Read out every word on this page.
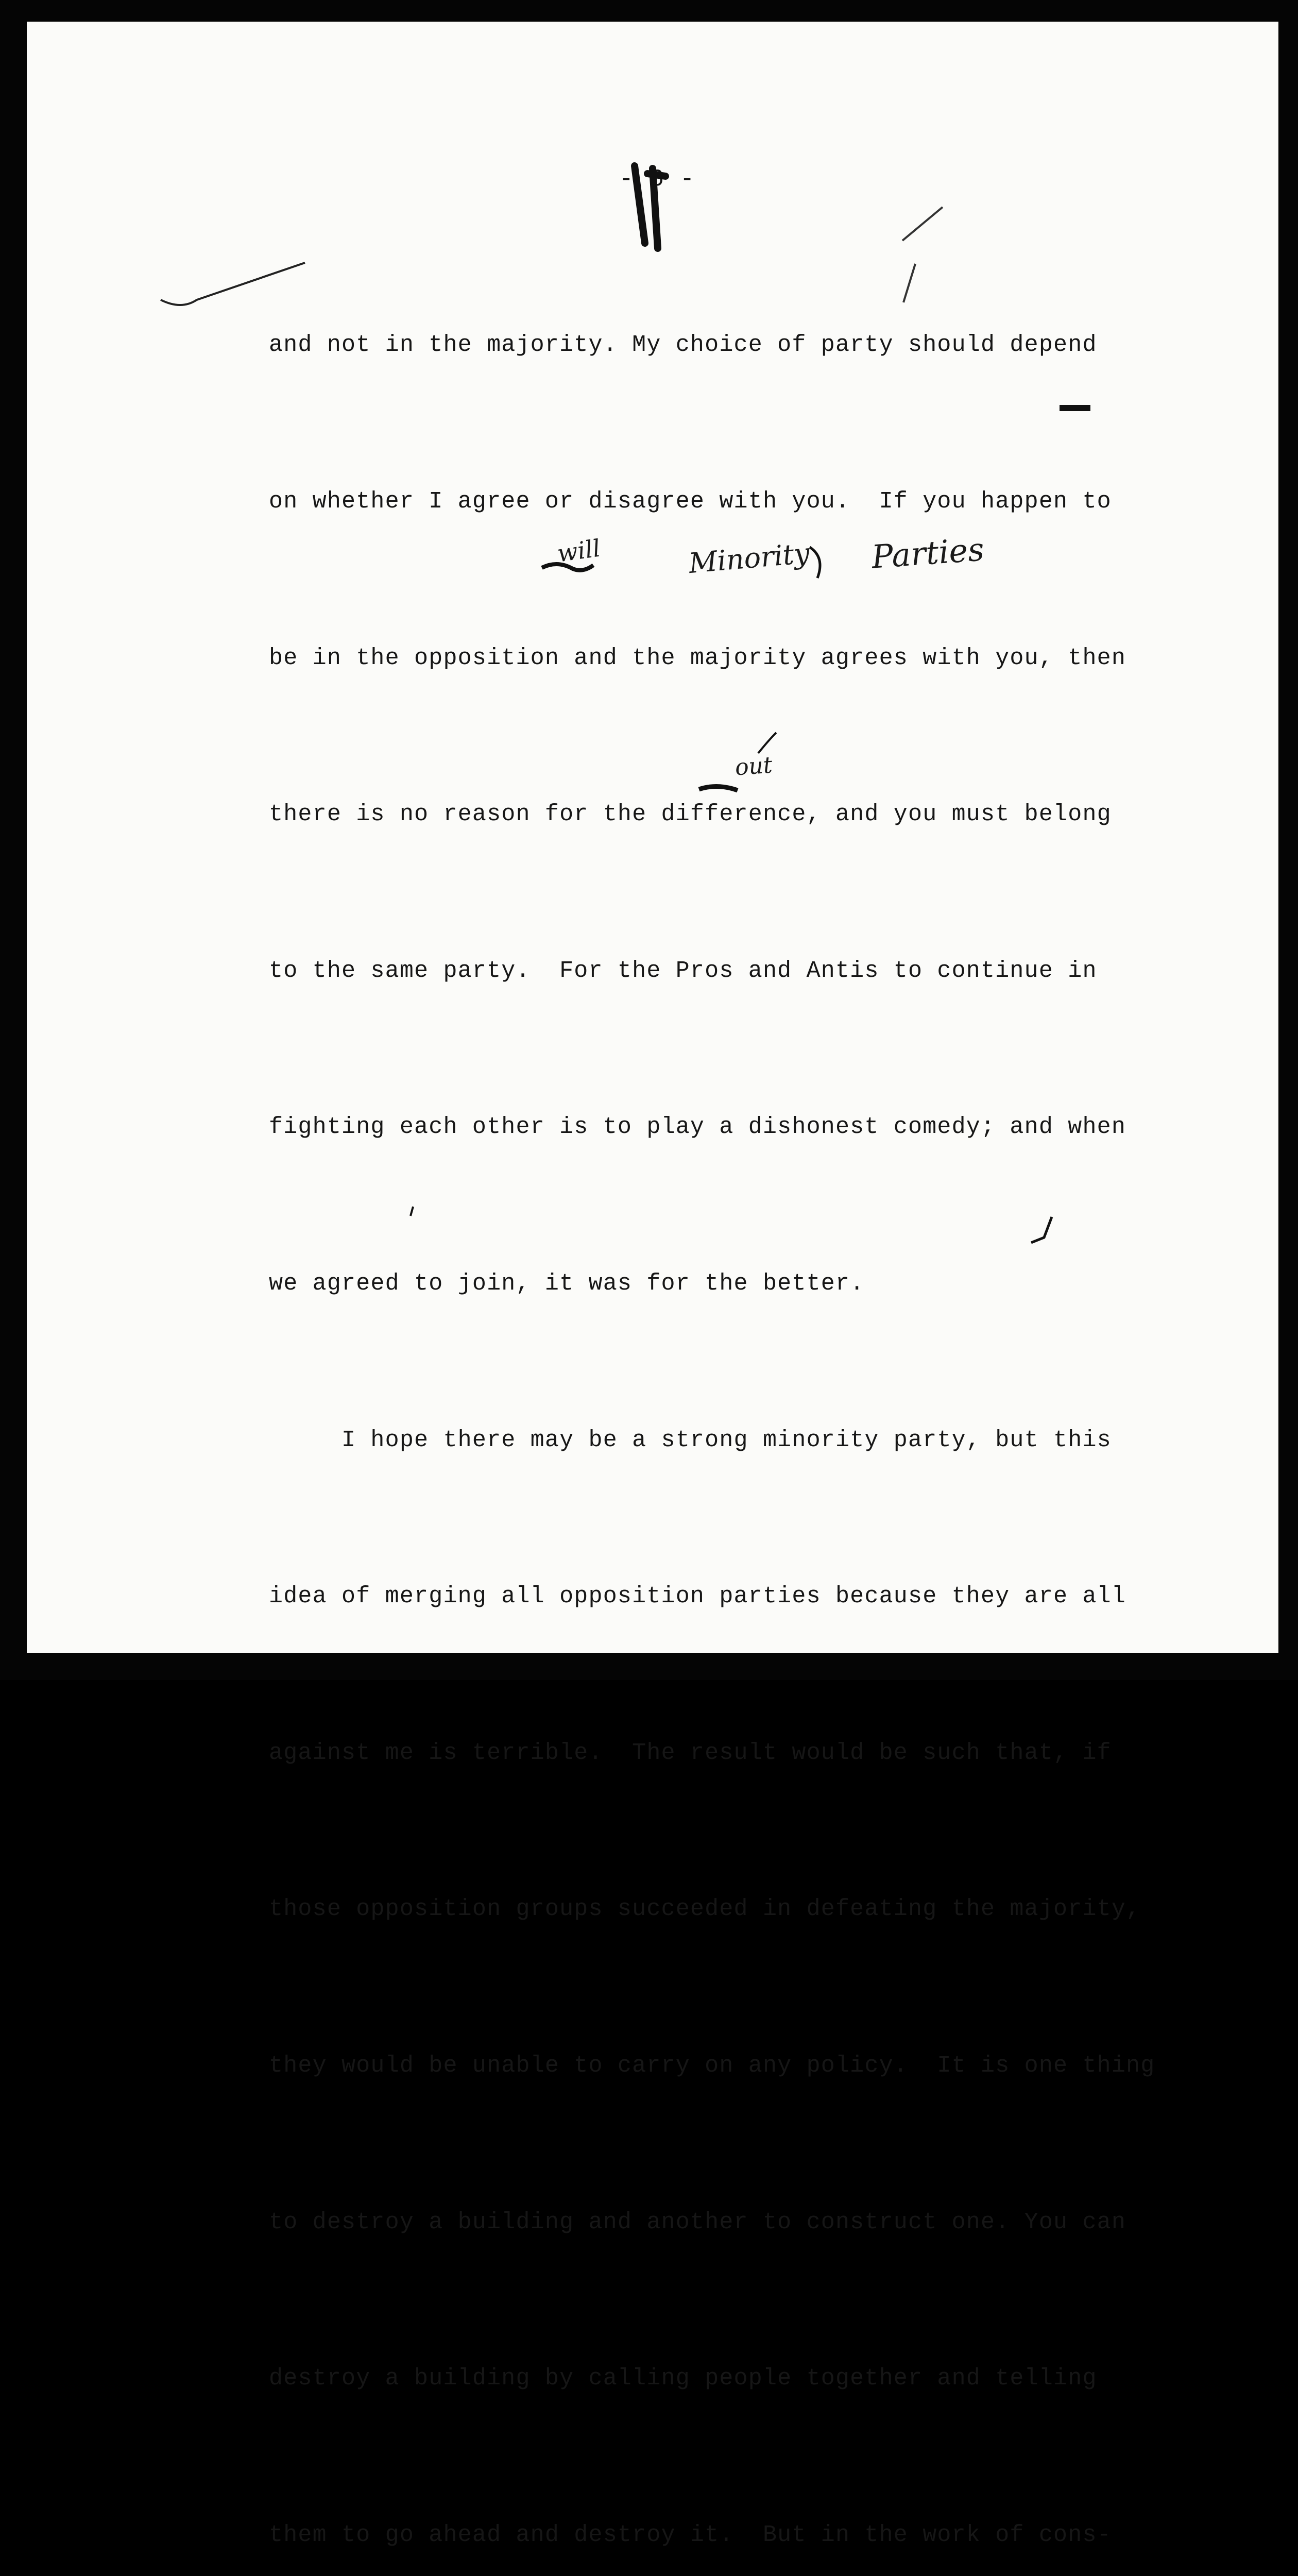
- 6 -

and not in the majority. My choice of party should depend

on whether I agree or disagree with you.  If you happen to

be in the opposition and the majority agrees with you, then

there is no reason for the difference, and you must belong

to the same party.  For the Pros and Antis to continue in

fighting each other is to play a dishonest comedy; and when

we agreed to join, it was for the better.

I hope there may be a strong minority party, but this

idea of merging all opposition parties because they are all

against me is terrible.  The result would be such that, if

those opposition groups succeeded in defeating the majority,

they would be unable to carry on any policy.  It is one thing

to destroy a building and another to construct one. You can

destroy a building by calling people together and telling

them to go ahead and destroy it.  But in the work of cons-

will	Minority Parties
out
